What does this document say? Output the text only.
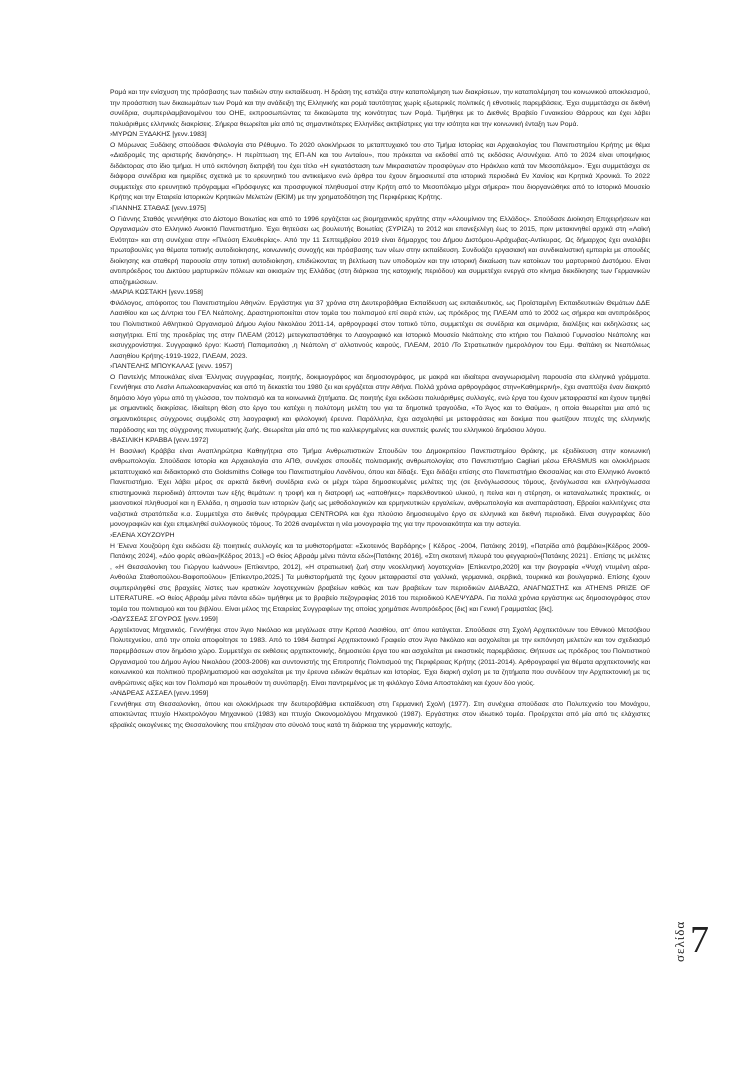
Ρομά και την ενίσχυση της πρόσβασης των παιδιών στην εκπαίδευση. Η δράση της εστιάζει στην καταπολέμηση των διακρίσεων, την καταπολέμηση του κοινωνικού αποκλεισμού, την προάσπιση των δικαιωμάτων των Ρομά και την ανάδειξη της Ελληνικής και ρομά ταυτότητας χωρίς εξωτερικές πολιτικές ή εθνοτικές παρεμβάσεις. Έχει συμμετάσχει σε διεθνή συνέδρια, συμπεριλαμβανομένου του ΟΗΕ, εκπροσωπώντας τα δικαιώματα της κοινότητας των Ρομά. Τιμήθηκε με το Διεθνές Βραβείο Γυναικείου Θάρρους και έχει λάβει πολυάριθμες ελληνικές διακρίσεις. Σήμερα θεωρείται μία από τις σημαντικότερες Ελληνίδες ακτιβίστριες για την ισότητα και την κοινωνική ένταξη των Ρομά.

›ΜΥΡΩΝ ΞΥΔΑΚΗΣ [γενν.1983]

Ο Μύρωνας Ξυδάκης σπούδασε Φιλολογία στο Ρέθυμνο. Το 2020 ολοκλήρωσε το μεταπτυχιακό του στο Τμήμα Ιστορίας και Αρχαιολογίας του Πανεπιστημίου Κρήτης με θέμα «Διαδρομές της αριστερής διανόησης». Η περίπτωση της ΕΠ-ΑΝ και του Ανταίου», που πρόκειται να εκδοθεί από τις εκδόσεις Α/συνέχεια. Από το 2024 είναι υποψήφιος διδάκτορας στο ίδιο τμήμα. Η υπό εκπόνηση διατριβή του έχει τίτλο «Η εγκατάσταση των Μικρασιατών προσφύγων στο Ηράκλειο κατά τον Μεσοπόλεμο». Έχει συμμετάσχει σε διάφορα συνέδρια και ημερίδες σχετικά με το ερευνητικό του αντικείμενο ενώ άρθρα του έχουν δημοσιευτεί στα ιστορικά περιοδικά Εν Χανίοις και Κρητικά Χρονικά. Το 2022 συμμετείχε στο ερευνητικό πρόγραμμα «Πρόσφυγες και προσφυγικοί πληθυσμοί στην Κρήτη από το Μεσοπόλεμο μέχρι σήμερα» που διοργανώθηκε από το Ιστορικό Μουσείο Κρήτης και την Εταιρεία Ιστορικών Κρητικών Μελετών (ΕΚΙΜ) με την χρηματοδότηση της Περιφέρειας Κρήτης.

›ΓΙΑΝΝΗΣ ΣΤΑΘΑΣ [γενν.1975]

Ο Γιάννης Σταθάς γεννήθηκε στο Δίστομο Βοιωτίας και από το 1996 εργάζεται ως βιομηχανικός εργάτης στην «Αλουμίνιον της Ελλάδος». Σπούδασε Διοίκηση Επιχειρήσεων και Οργανισμών στο Ελληνικό Ανοικτό Πανεπιστήμιο. Έχει θητεύσει ως βουλευτής Βοιωτίας (ΣΥΡΙΖΑ) το 2012 και επανεξελέγη έως το 2015, πριν μετακινηθεί αρχικά στη «Λαϊκή Ενότητα» και στη συνέχεια στην «Πλεύση Ελευθερίας». Από την 11 Σεπτεμβρίου 2019 είναι δήμαρχος του Δήμου Διστόμου-Αράχωβας-Αντίκυρας. Ως δήμαρχος έχει αναλάβει πρωτοβουλίες για θέματα τοπικής αυτοδιοίκησης, κοινωνικής συνοχής και πρόσβασης των νέων στην εκπαίδευση. Συνδυάζει εργασιακή και συνδικαλιστική εμπειρία με σπουδές διοίκησης και σταθερή παρουσία στην τοπική αυτοδιοίκηση, επιδιώκοντας τη βελτίωση των υποδομών και την ιστορική δικαίωση των κατοίκων του μαρτυρικού Διστόμου. Είναι αντιπρόεδρος του Δικτύου μαρτυρικών πόλεων και οικισμών της Ελλάδας (στη διάρκεια της κατοχικής περιόδου) και συμμετέχει ενεργά στο κίνημα διεκδίκησης των Γερμανικών αποζημιώσεων.

›ΜΑΡΙΑ ΚΩΣΤΑΚΗ [γενν.1958]

Φιλόλογος, απόφοιτος του Πανεπιστημίου Αθηνών. Εργάστηκε για 37 χρόνια στη Δευτεροβάθμια Εκπαίδευση ως εκπαιδευτικός, ως Προϊσταμένη Εκπαιδευτικών Θεμάτων ΔΔΕ Λασιθίου και ως Δ/ντρια του ΓΕΛ Νεάπολης. Δραστηριοποιείται στον τομέα του πολιτισμού επί σειρά ετών, ως πρόεδρος της ΠΛΕΑΜ από το 2002 ως σήμερα και αντιπρόεδρος του Πολιτιστικού Αθλητικού Οργανισμού Δήμου Αγίου Νικολάου 2011-14, αρθρογραφεί στον τοπικό τύπο, συμμετέχει σε συνέδρια και σεμινάρια, διαλέξεις και εκδηλώσεις ως εισηγήτρια. Επί της προεδρίας της στην ΠΛΕΑΜ (2012) μετεγκαταστάθηκε το Λαογραφικό και Ιστορικό Μουσείο Νεάπολης στο κτήριο του Παλαιού Γυμνασίου Νεάπολης και εκσυγχρονίστηκε. Συγγραφικό έργο: Κωστή Παπαμιτσάκη ,η Νεάπολη σ' αλλοτινούς καιρούς, ΠΛΕΑΜ, 2010 /Το Στρατιωτικόν ημερολόγιον του Εμμ. Φαϊτάκη εκ Νεαπόλεως Λασηθίου Κρήτης-1919-1922, ΠΛΕΑΜ, 2023.

›ΠΑΝΤΕΛΗΣ ΜΠΟΥΚΑΛΑΣ [γενν. 1957]

Ο Παντελής Μπουκάλας είναι Έλληνας συγγραφέας, ποιητής, δοκιμιογράφος και δημοσιογράφος, με μακρά και ιδιαίτερα αναγνωρισμένη παρουσία στα ελληνικά γράμματα. Γεννήθηκε στο Λεσίνι Αιτωλοακαρνανίας και από τη δεκαετία του 1980 ζει και εργάζεται στην Αθήνα. Πολλά χρόνια αρθρογράφος στην«Καθημερινή», έχει αναπτύξει έναν διακριτό δημόσιο λόγο γύρω από τη γλώσσα, τον πολιτισμό και τα κοινωνικά ζητήματα. Ως ποιητής έχει εκδώσει πολυάριθμες συλλογές, ενώ έργα του έχουν μεταφραστεί και έχουν τιμηθεί με σημαντικές διακρίσεις. Ιδιαίτερη θέση στο έργο του κατέχει η πολύτομη μελέτη του για τα δημοτικά τραγούδια, «Το Άγος και το Θαύμα», η οποία θεωρείται μια από τις σημαντικότερες σύγχρονες συμβολές στη λαογραφική και φιλολογική έρευνα. Παράλληλα, έχει ασχοληθεί με μεταφράσεις και δοκίμια που φωτίζουν πτυχές της ελληνικής παράδοσης και της σύγχρονης πνευματικής ζωής. Θεωρείται μία από τις πιο καλλιεργημένες και συνεπείς φωνές του ελληνικού δημόσιου λόγου.

›ΒΑΣΙΛΙΚΗ ΚΡΑΒΒΑ [γενν.1972]

Η Βασιλική Κράββα είναι Αναπληρώτρια Καθηγήτρια στο Τμήμα Ανθρωπιστικών Σπουδών του Δημοκριτείου Πανεπιστημίου Θράκης, με εξειδίκευση στην κοινωνική ανθρωπολογία. Σπούδασε Ιστορία και Αρχαιολογία στο ΑΠΘ, συνέχισε σπουδές πολιτισμικής ανθρωπολογίας στο Πανεπιστήμιο Cagliari μέσω ERASMUS και ολοκλήρωσε μεταπτυχιακό και διδακτορικό στο Goldsmiths College του Πανεπιστημίου Λονδίνου, όπου και δίδαξε. Έχει διδάξει επίσης στο Πανεπιστήμιο Θεσσαλίας και στο Ελληνικό Ανοικτό Πανεπιστήμιο. Έχει λάβει μέρος σε αρκετά διεθνή συνέδρια ενώ οι μέχρι τώρα δημοσιευμένες μελέτες της (σε ξενόγλωσσους τόμους, ξενόγλωσσα και ελληνόγλωσσα επιστημονικά περιοδικά) άπτονται των εξής θεμάτων: η τροφή και η διατροφή ως «αποθήκες» παρελθοντικού υλικού, η πείνα και η στέρηση, οι καταναλωτικές πρακτικές, οι μειονοτικοί πληθυσμοί και η Ελλάδα, η σημασία των ιστοριών ζωής ως μεθοδολογικών και ερμηνευτικών εργαλείων, ανθρωπολογία και αναπαράσταση, Εβραίοι καλλιτέχνες στα ναζιστικά στρατόπεδα κ.α. Συμμετέχει στο διεθνές πρόγραμμα CENTROPA και έχει πλούσιο δημοσιευμένο έργο σε ελληνικά και διεθνή περιοδικά. Είναι συγγραφέας δύο μονογραφιών και έχει επιμεληθεί συλλογικούς τόμους. Το 2026 αναμένεται η νέα μονογραφία της για την προνοιακότητα και την αστεγία.

›ΕΛΕΝΑ ΧΟΥΖΟΥΡΗ

Η Έλενα Χουζούρη έχει εκδώσει έξι ποιητικές συλλογές και τα μυθιστορήματα: «Σκοτεινός Βαρδάρης» [ Κέδρος -2004, Πατάκης 2019], «Πατρίδα από βαμβάκι»[Κέδρος 2009-Πατάκης 2024], «Δύο φορές αθώα»[Κέδρος 2013,] «Ο θείος Αβραάμ μένει πάντα εδώ»[Πατάκης 2016], «Στη σκοτεινή πλευρά του φεγγαριού»[Πατάκης 2021] . Επίσης τις μελέτες , «Η Θεσσαλονίκη του Γιώργου Ιωάννου» [Επίκεντρο, 2012], «Η στρατιωτική ζωή στην νεοελληνική λογοτεχνία» [Επίκεντρο,2020] και την βιογραφία «Ψυχή ντυμένη αέρα- Ανθούλα Σταθοπούλου-Βαφοπούλου» [Επίκεντρο,2025.] Τα μυθιστορήματά της έχουν μεταφραστεί στα γαλλικά, γερμανικά, σερβικά, τουρκικά και βουλγαρικά. Επίσης έχουν συμπεριληφθεί στις βραχείες λίστες των κρατικών λογοτεχνικών βραβείων καθώς και των βραβείων των περιοδικών ΔΙΑΒΑΖΩ, ΑΝΑΓΝΩΣΤΗΣ και ATHENS PRIZE OF LITERATURE. «Ο θείος Αβραάμ μένει πάντα εδώ» τιμήθηκε με το βραβείο πεζογραφίας 2016 του περιοδικού ΚΛΕΨΥΔΡΑ. Για πολλά χρόνια εργάστηκε ως δημοσιογράφος στον τομέα του πολιτισμού και του βιβλίου. Είναι μέλος της Εταιρείας Συγγραφέων της οποίας χρημάτισε Αντιπρόεδρος [δις] και Γενική Γραμματέας [δις].

›ΟΔΥΣΣΕΑΣ ΣΓΟΥΡΟΣ [γενν.1959]

Αρχιτέκτονας Μηχανικός. Γεννήθηκε στον Άγιο Νικόλαο και μεγάλωσε στην Κριτσά Λασιθίου, απ' όπου κατάγεται. Σπούδασε στη Σχολή Αρχιτεκτόνων του Εθνικού Μετσόβιου Πολυτεχνείου, από την οποία αποφοίτησε το 1983. Από το 1984 διατηρεί Αρχιτεκτονικό Γραφείο στον Άγιο Νικόλαο και ασχολείται με την εκπόνηση μελετών και τον σχεδιασμό παρεμβάσεων στον δημόσιο χώρο. Συμμετέχει σε εκθέσεις αρχιτεκτονικής, δημοσιεύει έργα του και ασχολείται με εικαστικές παρεμβάσεις. Θήτευσε ως πρόεδρος του Πολιτιστικού Οργανισμού του Δήμου Αγίου Νικολάου (2003-2006) και συντονιστής της Επιτροπής Πολιτισμού της Περιφέρειας Κρήτης (2011-2014). Αρθρογραφεί για θέματα αρχιτεκτονικής και κοινωνικού και πολιτικού προβληματισμού και ασχολείται με την έρευνα ειδικών θεμάτων και Ιστορίας. Έχει διαρκή σχέση με τα ζητήματα που συνδέουν την Αρχιτεκτονική με τις ανθρώπινες αξίες και τον Πολιτισμό και προωθούν τη συνύπαρξη. Είναι παντρεμένος με τη φιλόλογο Σόνια Αποστολάκη και έχουν δύο γιούς.

›ΑΝΔΡΕΑΣ ΑΣΣΑΕΛ [γενν.1959]

Γεννήθηκε στη Θεσσαλονίκη, όπου και ολοκλήρωσε την δευτεροβάθμια εκπαίδευση στη Γερμανική Σχολή (1977). Στη συνέχεια σπούδασε στο Πολυτεχνείο του Μονάχου, αποκτώντας πτυχίο Ηλεκτρολόγου Μηχανικού (1983) και πτυχίο Οικονομολόγου Μηχανικού (1987). Εργάστηκε στον ιδιωτικό τομέα. Προέρχεται από μία από τις ελάχιστες εβραϊκές οικογένειες της Θεσσαλονίκης που επέζησαν στο σύνολό τους κατά τη διάρκεια της γερμανικής κατοχής,

7
σελίδα
